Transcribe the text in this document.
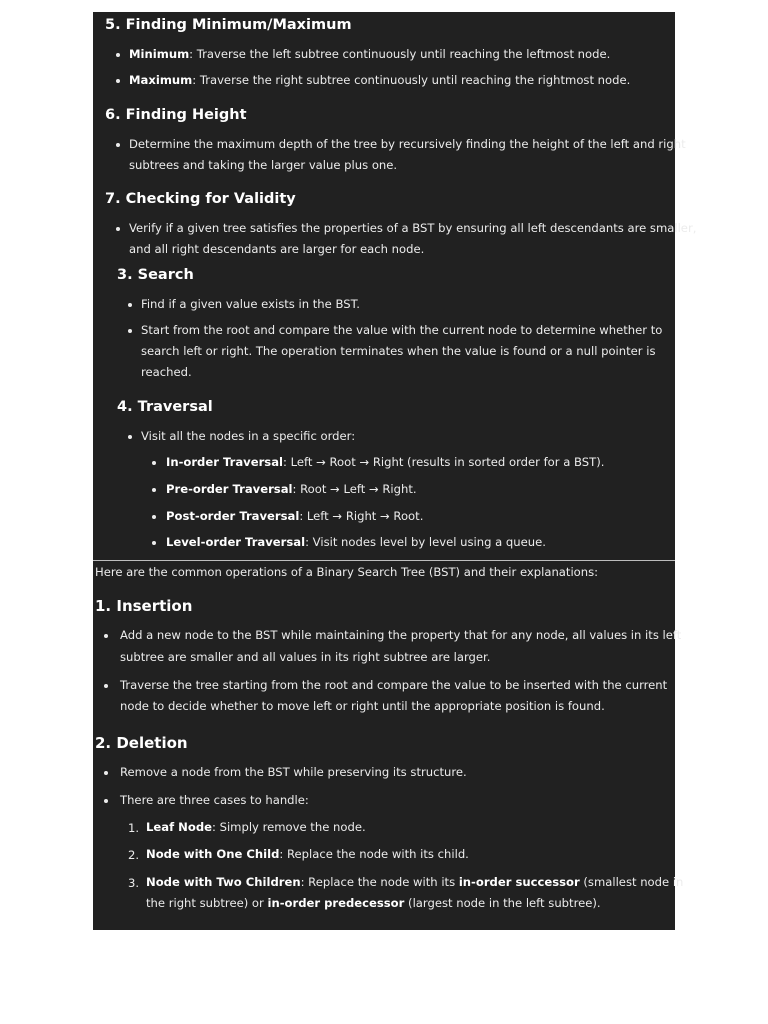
5. Finding Minimum/Maximum
Minimum: Traverse the left subtree continuously until reaching the leftmost node.
Maximum: Traverse the right subtree continuously until reaching the rightmost node.
6. Finding Height
Determine the maximum depth of the tree by recursively finding the height of the left and right
subtrees and taking the larger value plus one.
7. Checking for Validity
Verify if a given tree satisfies the properties of a BST by ensuring all left descendants are smaller,
and all right descendants are larger for each node.
3. Search
Find if a given value exists in the BST.
Start from the root and compare the value with the current node to determine whether to
search left or right. The operation terminates when the value is found or a null pointer is
reached.
4. Traversal
Visit all the nodes in a specific order:
In-order Traversal: Left → Root → Right (results in sorted order for a BST).
Pre-order Traversal: Root → Left → Right.
Post-order Traversal: Left → Right → Root.
Level-order Traversal: Visit nodes level by level using a queue.
Here are the common operations of a Binary Search Tree (BST) and their explanations:
1. Insertion
Add a new node to the BST while maintaining the property that for any node, all values in its left
subtree are smaller and all values in its right subtree are larger.
Traverse the tree starting from the root and compare the value to be inserted with the current
node to decide whether to move left or right until the appropriate position is found.
2. Deletion
Remove a node from the BST while preserving its structure.
There are three cases to handle:
1. Leaf Node: Simply remove the node.
2. Node with One Child: Replace the node with its child.
3. Node with Two Children: Replace the node with its in-order successor (smallest node in
the right subtree) or in-order predecessor (largest node in the left subtree).
